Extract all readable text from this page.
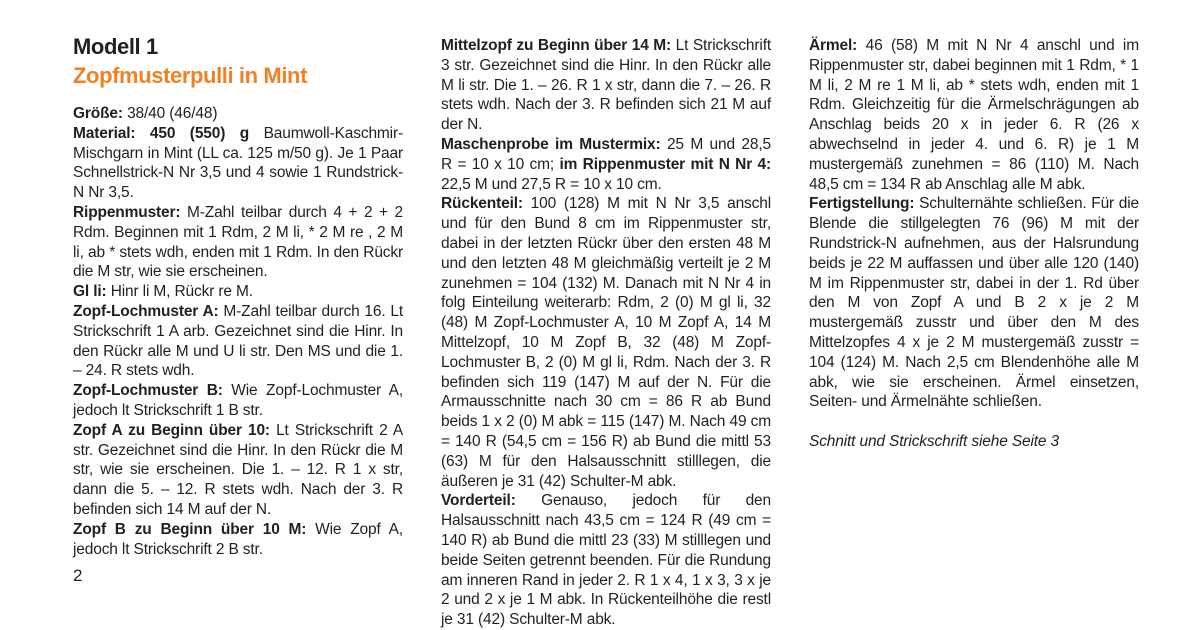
Modell 1
Zopfmusterpulli in Mint

Größe: 38/40 (46/48)

Material: 450 (550) g Baumwoll-Kaschmir-Mischgarn in Mint (LL ca. 125 m/50 g). Je 1 Paar Schnellstrick-N Nr 3,5 und 4 sowie 1 Rundstrick-N Nr 3,5.

Rippenmuster: M-Zahl teilbar durch 4 + 2 + 2 Rdm. Beginnen mit 1 Rdm, 2 M li, * 2 M re , 2 M li, ab * stets wdh, enden mit 1 Rdm. In den Rückr die M str, wie sie erscheinen.

Gl li: Hinr li M, Rückr re M.

Zopf-Lochmuster A: M-Zahl teilbar durch 16. Lt Strickschrift 1 A arb. Gezeichnet sind die Hinr. In den Rückr alle M und U li str. Den MS und die 1. – 24. R stets wdh.

Zopf-Lochmuster B: Wie Zopf-Lochmuster A, jedoch lt Strickschrift 1 B str.

Zopf A zu Beginn über 10: Lt Strickschrift 2 A str. Gezeichnet sind die Hinr. In den Rückr die M str, wie sie erscheinen. Die 1. – 12. R 1 x str, dann die 5. – 12. R stets wdh. Nach der 3. R befinden sich 14 M auf der N.

Zopf B zu Beginn über 10 M: Wie Zopf A, jedoch lt Strickschrift 2 B str.

Mittelzopf zu Beginn über 14 M: Lt Strickschrift 3 str. Gezeichnet sind die Hinr. In den Rückr alle M li str. Die 1. – 26. R 1 x str, dann die 7. – 26. R stets wdh. Nach der 3. R befinden sich 21 M auf der N.

Maschenprobe im Mustermix: 25 M und 28,5 R = 10 x 10 cm; im Rippenmuster mit N Nr 4: 22,5 M und 27,5 R = 10 x 10 cm.

Rückenteil: 100 (128) M mit N Nr 3,5 anschl und für den Bund 8 cm im Rippenmuster str, dabei in der letzten Rückr über den ersten 48 M und den letzten 48 M gleichmäßig verteilt je 2 M zunehmen = 104 (132) M. Danach mit N Nr 4 in folg Einteilung weiterarb: Rdm, 2 (0) M gl li, 32 (48) M Zopf-Lochmuster A, 10 M Zopf A, 14 M Mittelzopf, 10 M Zopf B, 32 (48) M Zopf-Lochmuster B, 2 (0) M gl li, Rdm. Nach der 3. R befinden sich 119 (147) M auf der N. Für die Armausschnitte nach 30 cm = 86 R ab Bund beids 1 x 2 (0) M abk = 115 (147) M. Nach 49 cm = 140 R (54,5 cm = 156 R) ab Bund die mittl 53 (63) M für den Halsausschnitt stilllegen, die äußeren je 31 (42) Schulter-M abk.

Vorderteil: Genauso, jedoch für den Halsausschnitt nach 43,5 cm = 124 R (49 cm = 140 R) ab Bund die mittl 23 (33) M stilllegen und beide Seiten getrennt beenden. Für die Rundung am inneren Rand in jeder 2. R 1 x 4, 1 x 3, 3 x je 2 und 2 x je 1 M abk. In Rückenteilhöhe die restl je 31 (42) Schulter-M abk.

Ärmel: 46 (58) M mit N Nr 4 anschl und im Rippenmuster str, dabei beginnen mit 1 Rdm, * 1 M li, 2 M re 1 M li, ab * stets wdh, enden mit 1 Rdm. Gleichzeitig für die Ärmelschrägungen ab Anschlag beids 20 x in jeder 6. R (26 x abwechselnd in jeder 4. und 6. R) je 1 M mustergemäß zunehmen = 86 (110) M. Nach 48,5 cm = 134 R ab Anschlag alle M abk.

Fertigstellung: Schulternähte schließen. Für die Blende die stillgelegten 76 (96) M mit der Rundstrick-N aufnehmen, aus der Halsrundung beids je 22 M auffassen und über alle 120 (140) M im Rippenmuster str, dabei in der 1. Rd über den M von Zopf A und B 2 x je 2 M mustergemäß zusstr und über den M des Mittelzopfes 4 x je 2 M mustergemäß zusstr = 104 (124) M. Nach 2,5 cm Blendenhöhe alle M abk, wie sie erscheinen. Ärmel einsetzen, Seiten- und Ärmelnähte schließen.

Schnitt und Strickschrift siehe Seite 3

2
